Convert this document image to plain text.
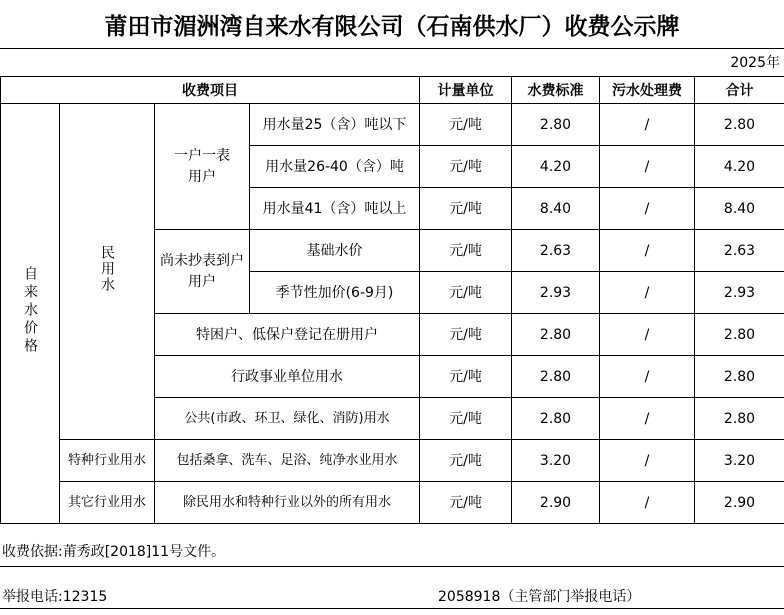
莆田市湄洲湾自来水有限公司（石南供水厂）收费公示牌
2025年
收费项目				计量单位	水费标准	污水处理费	合计
自来水价格	民用水	一户一表用户	用水量25（含）吨以下	元/吨	2.80	/	2.80
			用水量26-40（含）吨	元/吨	4.20	/	4.20
			用水量41（含）吨以上	元/吨	8.40	/	8.40

		尚未抄表到户用户	基础水价	元/吨	2.63	/	2.63
			季节性加价(6-9月)	元/吨	2.93	/	2.93
		特困户、低保户登记在册用户		元/吨	2.80	/	2.80
		行政事业单位用水		元/吨	2.80	/	2.80
		公共(市政、环卫、绿化、消防)用水		元/吨	2.80	/	2.80
	特种行业用水	包括桑拿、洗车、足浴、纯净水业用水		元/吨	3.20	/	3.20
	其它行业用水	除民用水和特种行业以外的所有用水		元/吨	2.90	/	2.90
收费依据:莆秀政[2018]11号文件。
举报电话:12315	2058918（主管部门举报电话）
